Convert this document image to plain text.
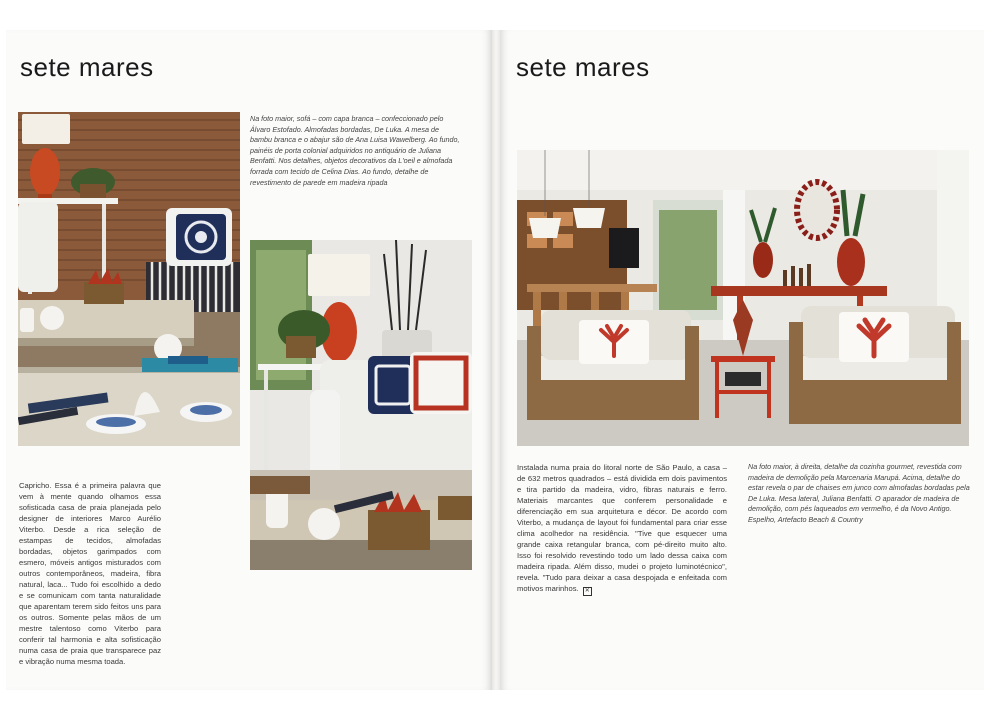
sete mares
Na foto maior, sofá – com capa branca – confeccionado pelo Álvaro Estofado. Almofadas bordadas, De Luka. A mesa de bambu branca e o abajur são de Ana Luisa Wawelberg. Ao fundo, painéis de porta colonial adquiridos no antiquário de Juliana Benfatti. Nos detalhes, objetos decorativos da L'oeil e almofada forrada com tecido de Celina Dias. Ao fundo, detalhe de revestimento de parede em madeira ripada
Capricho. Essa é a primeira palavra que vem à mente quando olhamos essa sofisticada casa de praia planejada pelo designer de interiores Marco Aurélio Viterbo. Desde a rica seleção de estampas de tecidos, almofadas bordadas, objetos garimpados com esmero, móveis antigos misturados com outros contemporâneos, madeira, fibra natural, laca... Tudo foi escolhido a dedo e se comunicam com tanta naturalidade que aparentam terem sido feitos uns para os outros. Somente pelas mãos de um mestre talentoso como Viterbo para conferir tal harmonia e alta sofisticação numa casa de praia que transparece paz e vibração numa mesma toada.
sete mares
Instalada numa praia do litoral norte de São Paulo, a casa – de 632 metros quadrados – está dividida em dois pavimentos e tira partido da madeira, vidro, fibras naturais e ferro. Materiais marcantes que conferem personalidade e diferenciação em sua arquitetura e décor. De acordo com Viterbo, a mudança de layout foi fundamental para criar esse clima acolhedor na residência. "Tive que esquecer uma grande caixa retangular branca, com pé-direito muito alto. Isso foi resolvido revestindo todo um lado dessa caixa com madeira ripada. Além disso, mudei o projeto luminotécnico", revela. "Tudo para deixar a casa despojada e enfeitada com motivos marinhos. ✕
Na foto maior, à direita, detalhe da cozinha gourmet, revestida com madeira de demolição pela Marcenaria Marupá. Acima, detalhe do estar revela o par de chaises em junco com almofadas bordadas pela De Luka. Mesa lateral, Juliana Benfatti. O aparador de madeira de demolição, com pés laqueados em vermelho, é da Novo Antigo. Espelho, Artefacto Beach & Country
